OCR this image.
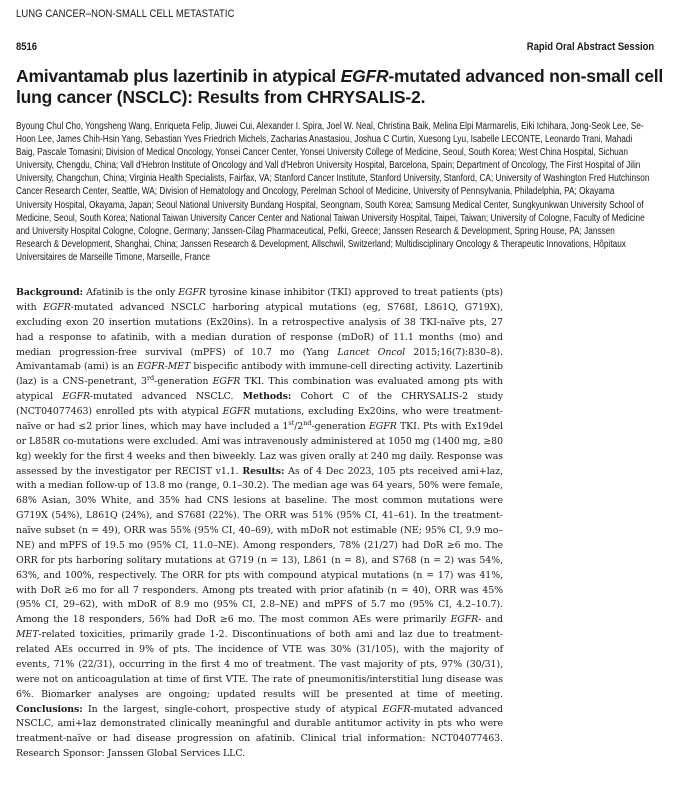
LUNG CANCER–NON-SMALL CELL METASTATIC
8516	Rapid Oral Abstract Session
Amivantamab plus lazertinib in atypical EGFR-mutated advanced non-small cell lung cancer (NSCLC): Results from CHRYSALIS-2.
Byoung Chul Cho, Yongsheng Wang, Enriqueta Felip, Jiuwei Cui, Alexander I. Spira, Joel W. Neal, Christina Baik, Melina Elpi Marmarelis, Eiki Ichihara, Jong-Seok Lee, Se-Hoon Lee, James Chih-Hsin Yang, Sebastian Yves Friedrich Michels, Zacharias Anastasiou, Joshua C Curtin, Xuesong Lyu, Isabelle LECONTE, Leonardo Trani, Mahadi Baig, Pascale Tomasini; Division of Medical Oncology, Yonsei Cancer Center, Yonsei University College of Medicine, Seoul, South Korea; West China Hospital, Sichuan University, Chengdu, China; Vall d'Hebron Institute of Oncology and Vall d'Hebron University Hospital, Barcelona, Spain; Department of Oncology, The First Hospital of Jilin University, Changchun, China; Virginia Health Specialists, Fairfax, VA; Stanford Cancer Institute, Stanford University, Stanford, CA; University of Washington Fred Hutchinson Cancer Research Center, Seattle, WA; Division of Hematology and Oncology, Perelman School of Medicine, University of Pennsylvania, Philadelphia, PA; Okayama University Hospital, Okayama, Japan; Seoul National University Bundang Hospital, Seongnam, South Korea; Samsung Medical Center, Sungkyunkwan University School of Medicine, Seoul, South Korea; National Taiwan University Cancer Center and National Taiwan University Hospital, Taipei, Taiwan; University of Cologne, Faculty of Medicine and University Hospital Cologne, Cologne, Germany; Janssen-Cilag Pharmaceutical, Pefki, Greece; Janssen Research & Development, Spring House, PA; Janssen Research & Development, Shanghai, China; Janssen Research & Development, Allschwil, Switzerland; Multidisciplinary Oncology & Therapeutic Innovations, Hôpitaux Universitaires de Marseille Timone, Marseille, France
Background: Afatinib is the only EGFR tyrosine kinase inhibitor (TKI) approved to treat patients (pts) with EGFR-mutated advanced NSCLC harboring atypical mutations (eg, S768I, L861Q, G719X), excluding exon 20 insertion mutations (Ex20ins). In a retrospective analysis of 38 TKI-naïve pts, 27 had a response to afatinib, with a median duration of response (mDoR) of 11.1 months (mo) and median progression-free survival (mPFS) of 10.7 mo (Yang Lancet Oncol 2015;16(7):830–8). Amivantamab (ami) is an EGFR-MET bispecific antibody with immune-cell directing activity. Lazertinib (laz) is a CNS-penetrant, 3rd-generation EGFR TKI. This combination was evaluated among pts with atypical EGFR-mutated advanced NSCLC. Methods: Cohort C of the CHRYSALIS-2 study (NCT04077463) enrolled pts with atypical EGFR mutations, excluding Ex20ins, who were treatment-naïve or had ≤2 prior lines, which may have included a 1st/2nd-generation EGFR TKI. Pts with Ex19del or L858R co-mutations were excluded. Ami was intravenously administered at 1050 mg (1400 mg, ≥80 kg) weekly for the first 4 weeks and then biweekly. Laz was given orally at 240 mg daily. Response was assessed by the investigator per RECIST v1.1. Results: As of 4 Dec 2023, 105 pts received ami+laz, with a median follow-up of 13.8 mo (range, 0.1–30.2). The median age was 64 years, 50% were female, 68% Asian, 30% White, and 35% had CNS lesions at baseline. The most common mutations were G719X (54%), L861Q (24%), and S768I (22%). The ORR was 51% (95% CI, 41–61). In the treatment-naïve subset (n = 49), ORR was 55% (95% CI, 40–69), with mDoR not estimable (NE; 95% CI, 9.9 mo–NE) and mPFS of 19.5 mo (95% CI, 11.0–NE). Among responders, 78% (21/27) had DoR ≥6 mo. The ORR for pts harboring solitary mutations at G719 (n = 13), L861 (n = 8), and S768 (n = 2) was 54%, 63%, and 100%, respectively. The ORR for pts with compound atypical mutations (n = 17) was 41%, with DoR ≥6 mo for all 7 responders. Among pts treated with prior afatinib (n = 40), ORR was 45% (95% CI, 29–62), with mDoR of 8.9 mo (95% CI, 2.8–NE) and mPFS of 5.7 mo (95% CI, 4.2–10.7). Among the 18 responders, 56% had DoR ≥6 mo. The most common AEs were primarily EGFR- and MET-related toxicities, primarily grade 1-2. Discontinuations of both ami and laz due to treatment-related AEs occurred in 9% of pts. The incidence of VTE was 30% (31/105), with the majority of events, 71% (22/31), occurring in the first 4 mo of treatment. The vast majority of pts, 97% (30/31), were not on anticoagulation at time of first VTE. The rate of pneumonitis/interstitial lung disease was 6%. Biomarker analyses are ongoing; updated results will be presented at time of meeting. Conclusions: In the largest, single-cohort, prospective study of atypical EGFR-mutated advanced NSCLC, ami+laz demonstrated clinically meaningful and durable antitumor activity in pts who were treatment-naïve or had disease progression on afatinib. Clinical trial information: NCT04077463. Research Sponsor: Janssen Global Services LLC.
